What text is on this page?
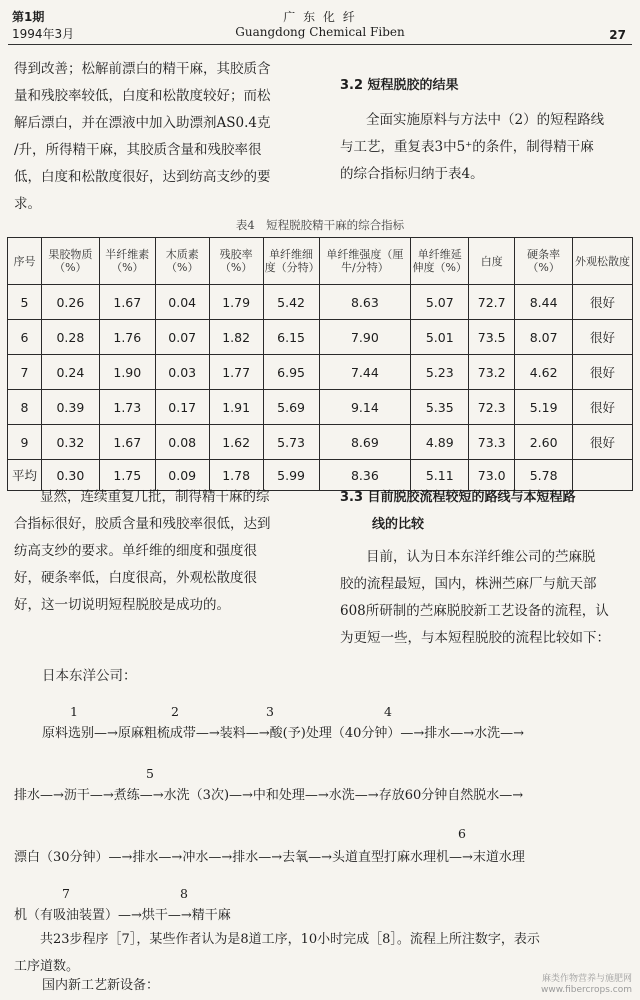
第1期
1994年3月
广 东 化 纤
Guangdong Chemical Fiben	27

得到改善；松解前漂白的精干麻，其胶质含

量和残胶率较低，白度和松散度较好；而松

解后漂白，并在漂液中加入助漂剂AS0.4克

/升，所得精干麻，其胶质含量和残胶率很

低，白度和松散度很好，达到纺高支纱的要

求。

3.2 短程脱胶的结果

全面实施原料与方法中（2）的短程路线

与工艺，重复表3中5⁺的条件，制得精干麻

的综合指标归纳于表4。

表4　短程脱胶精干麻的综合指标
序号	果胶物质（%）	半纤维素（%）	木质素（%）	残胶率（%）	单纤维细度（分特）	单纤维强度（厘牛/分特）	单纤维延伸度（%）	白度	硬条率（%）	外观松散度
5	0.26	1.67	0.04	1.79	5.42	8.63	5.07	72.7	8.44	很好
6	0.28	1.76	0.07	1.82	6.15	7.90	5.01	73.5	8.07	很好
7	0.24	1.90	0.03	1.77	6.95	7.44	5.23	73.2	4.62	很好
8	0.39	1.73	0.17	1.91	5.69	9.14	5.35	72.3	5.19	很好
9	0.32	1.67	0.08	1.62	5.73	8.69	4.89	73.3	2.60	很好
平均	0.30	1.75	0.09	1.78	5.99	8.36	5.11	73.0	5.78	

显然，连续重复几批，制得精干麻的综

合指标很好，胶质含量和残胶率很低，达到

纺高支纱的要求。单纤维的细度和强度很

好，硬条率低，白度很高，外观松散度很

好，这一切说明短程脱胶是成功的。

3.3 目前脱胶流程较短的路线与本短程路

线的比较

目前，认为日本东洋纤维公司的苎麻脱

胶的流程最短，国内，株洲苎麻厂与航天部

608所研制的苎麻脱胶新工艺设备的流程，认

为更短一些，与本短程脱胶的流程比较如下：

日本东洋公司：
1	2	3	4
5
6
7	8
原料选别—→原麻粗梳成带—→装料—→酸(予)处理（40分钟）—→排水—→水洗—→
排水—→沥干—→煮练—→水洗（3次)—→中和处理—→水洗—→存放60分钟自然脱水—→
漂白（30分钟）—→排水—→冲水—→排水—→去氧—→头道直型打麻水理机—→末道水理
机（有吸油装置）—→烘干—→精干麻
共23步程序［7］，某些作者认为是8道工序，10小时完成［8］。流程上所注数字，表示
工序道数。
国内新工艺新设备：	麻类作物营养与施肥网
www.fibercrops.com
